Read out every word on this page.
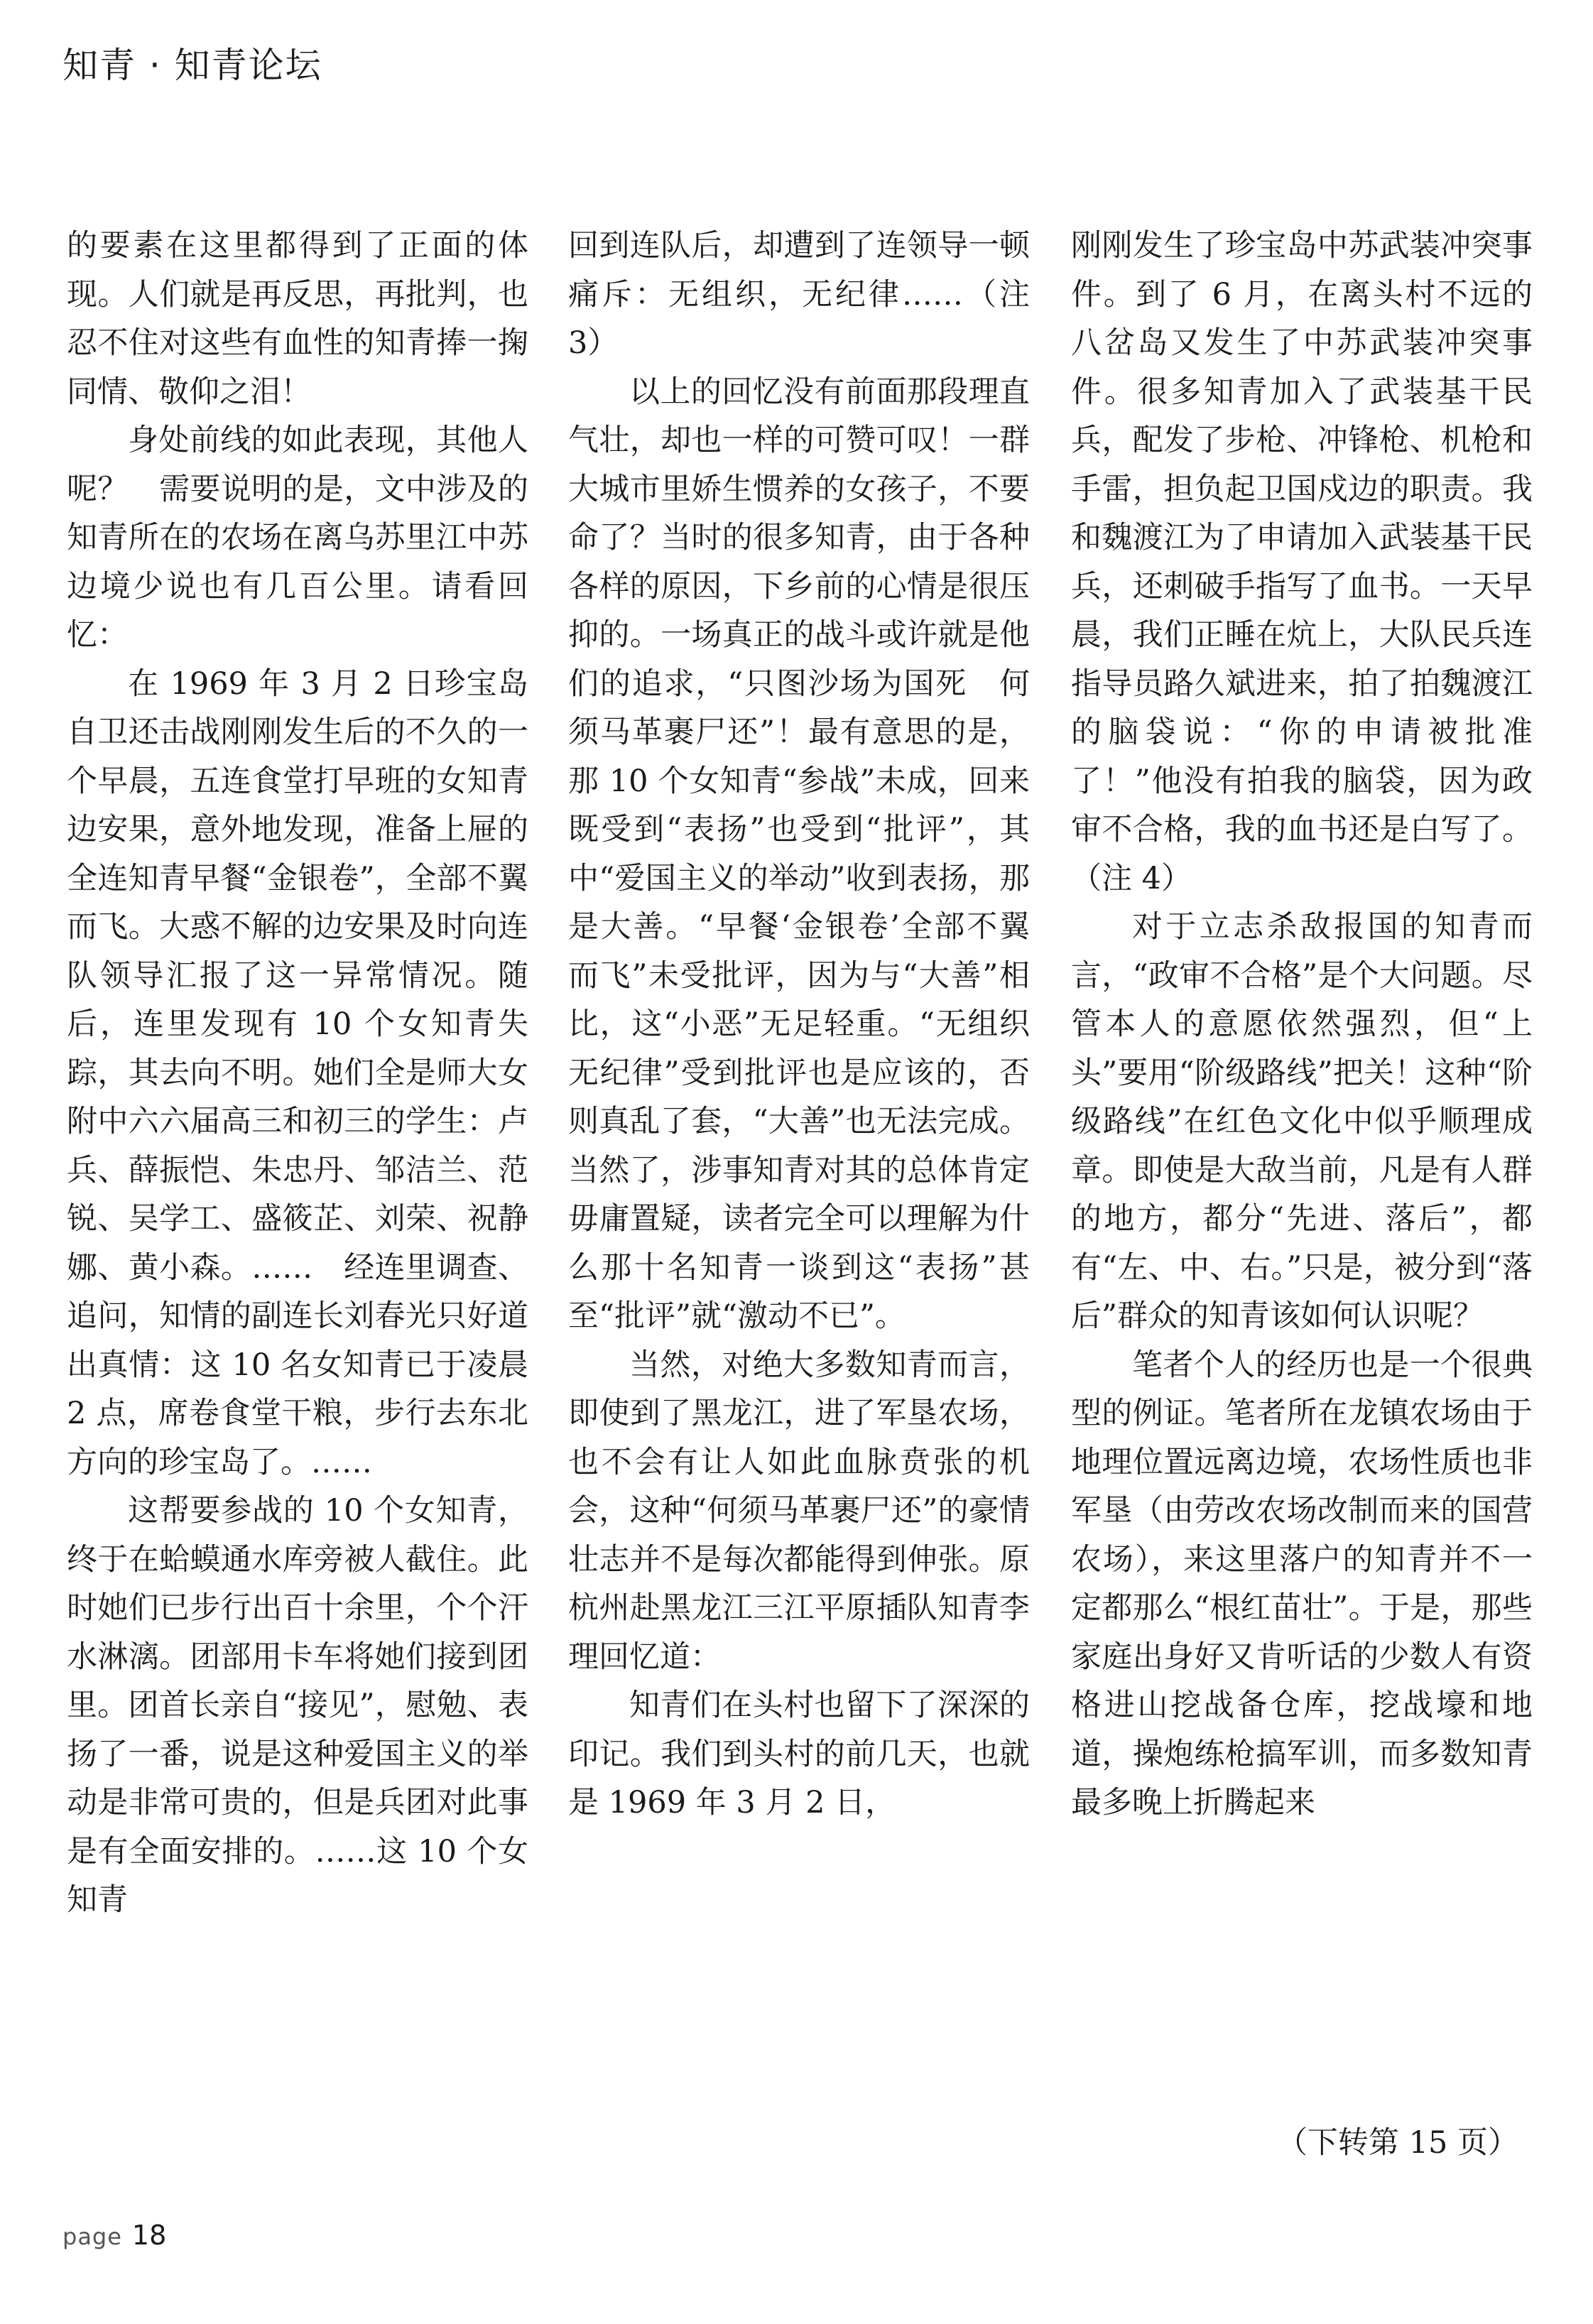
知青 · 知青论坛

的要素在这里都得到了正面的体现。人们就是再反思，再批判，也忍不住对这些有血性的知青捧一掬同情、敬仰之泪！

身处前线的如此表现，其他人呢？　需要说明的是，文中涉及的知青所在的农场在离乌苏里江中苏边境少说也有几百公里。请看回忆：

在 1969 年 3 月 2 日珍宝岛自卫还击战刚刚发生后的不久的一个早晨，五连食堂打早班的女知青边安果，意外地发现，准备上屉的全连知青早餐“金银卷”，全部不翼而飞。大惑不解的边安果及时向连队领导汇报了这一异常情况。随后，连里发现有 10 个女知青失踪，其去向不明。她们全是师大女附中六六届高三和初三的学生：卢兵、薛振恺、朱忠丹、邹洁兰、范锐、吴学工、盛筱芷、刘荣、祝静娜、黄小森。……　经连里调查、追问，知情的副连长刘春光只好道出真情：这 10 名女知青已于凌晨 2 点，席卷食堂干粮，步行去东北方向的珍宝岛了。……

这帮要参战的 10 个女知青，终于在蛤蟆通水库旁被人截住。此时她们已步行出百十余里，个个汗水淋漓。团部用卡车将她们接到团里。团首长亲自“接见”，慰勉、表扬了一番，说是这种爱国主义的举动是非常可贵的，但是兵团对此事是有全面安排的。……这 10 个女知青

回到连队后，却遭到了连领导一顿痛斥：无组织，无纪律……（注 3）

以上的回忆没有前面那段理直气壮，却也一样的可赞可叹！一群大城市里娇生惯养的女孩子，不要命了？当时的很多知青，由于各种各样的原因，下乡前的心情是很压抑的。一场真正的战斗或许就是他们的追求，“只图沙场为国死　何须马革裹尸还”！最有意思的是，那 10 个女知青“参战”未成，回来既受到“表扬”也受到“批评”，其中“爱国主义的举动”收到表扬，那是大善。“早餐‘金银卷’全部不翼而飞”未受批评，因为与“大善”相比，这“小恶”无足轻重。“无组织无纪律”受到批评也是应该的，否则真乱了套，“大善”也无法完成。当然了，涉事知青对其的总体肯定毋庸置疑，读者完全可以理解为什么那十名知青一谈到这“表扬”甚至“批评”就“激动不已”。

当然，对绝大多数知青而言，即使到了黑龙江，进了军垦农场，也不会有让人如此血脉贲张的机会，这种“何须马革裹尸还”的豪情壮志并不是每次都能得到伸张。原杭州赴黑龙江三江平原插队知青李理回忆道：

知青们在头村也留下了深深的印记。我们到头村的前几天，也就是 1969 年 3 月 2 日，

刚刚发生了珍宝岛中苏武装冲突事件。到了 6 月，在离头村不远的八岔岛又发生了中苏武装冲突事件。很多知青加入了武装基干民兵，配发了步枪、冲锋枪、机枪和手雷，担负起卫国戍边的职责。我和魏渡江为了申请加入武装基干民兵，还刺破手指写了血书。一天早晨，我们正睡在炕上，大队民兵连指导员路久斌进来，拍了拍魏渡江的脑袋说：“你的申请被批准了！”他没有拍我的脑袋，因为政审不合格，我的血书还是白写了。（注 4）

对于立志杀敌报国的知青而言，“政审不合格”是个大问题。尽管本人的意愿依然强烈，但“上头”要用“阶级路线”把关！这种“阶级路线”在红色文化中似乎顺理成章。即使是大敌当前，凡是有人群的地方，都分“先进、落后”，都有“左、中、右。”只是，被分到“落后”群众的知青该如何认识呢？

笔者个人的经历也是一个很典型的例证。笔者所在龙镇农场由于地理位置远离边境，农场性质也非军垦（由劳改农场改制而来的国营农场），来这里落户的知青并不一定都那么“根红苗壮”。于是，那些家庭出身好又肯听话的少数人有资格进山挖战备仓库，挖战壕和地道，操炮练枪搞军训，而多数知青最多晚上折腾起来

（下转第 15 页）

page 18
